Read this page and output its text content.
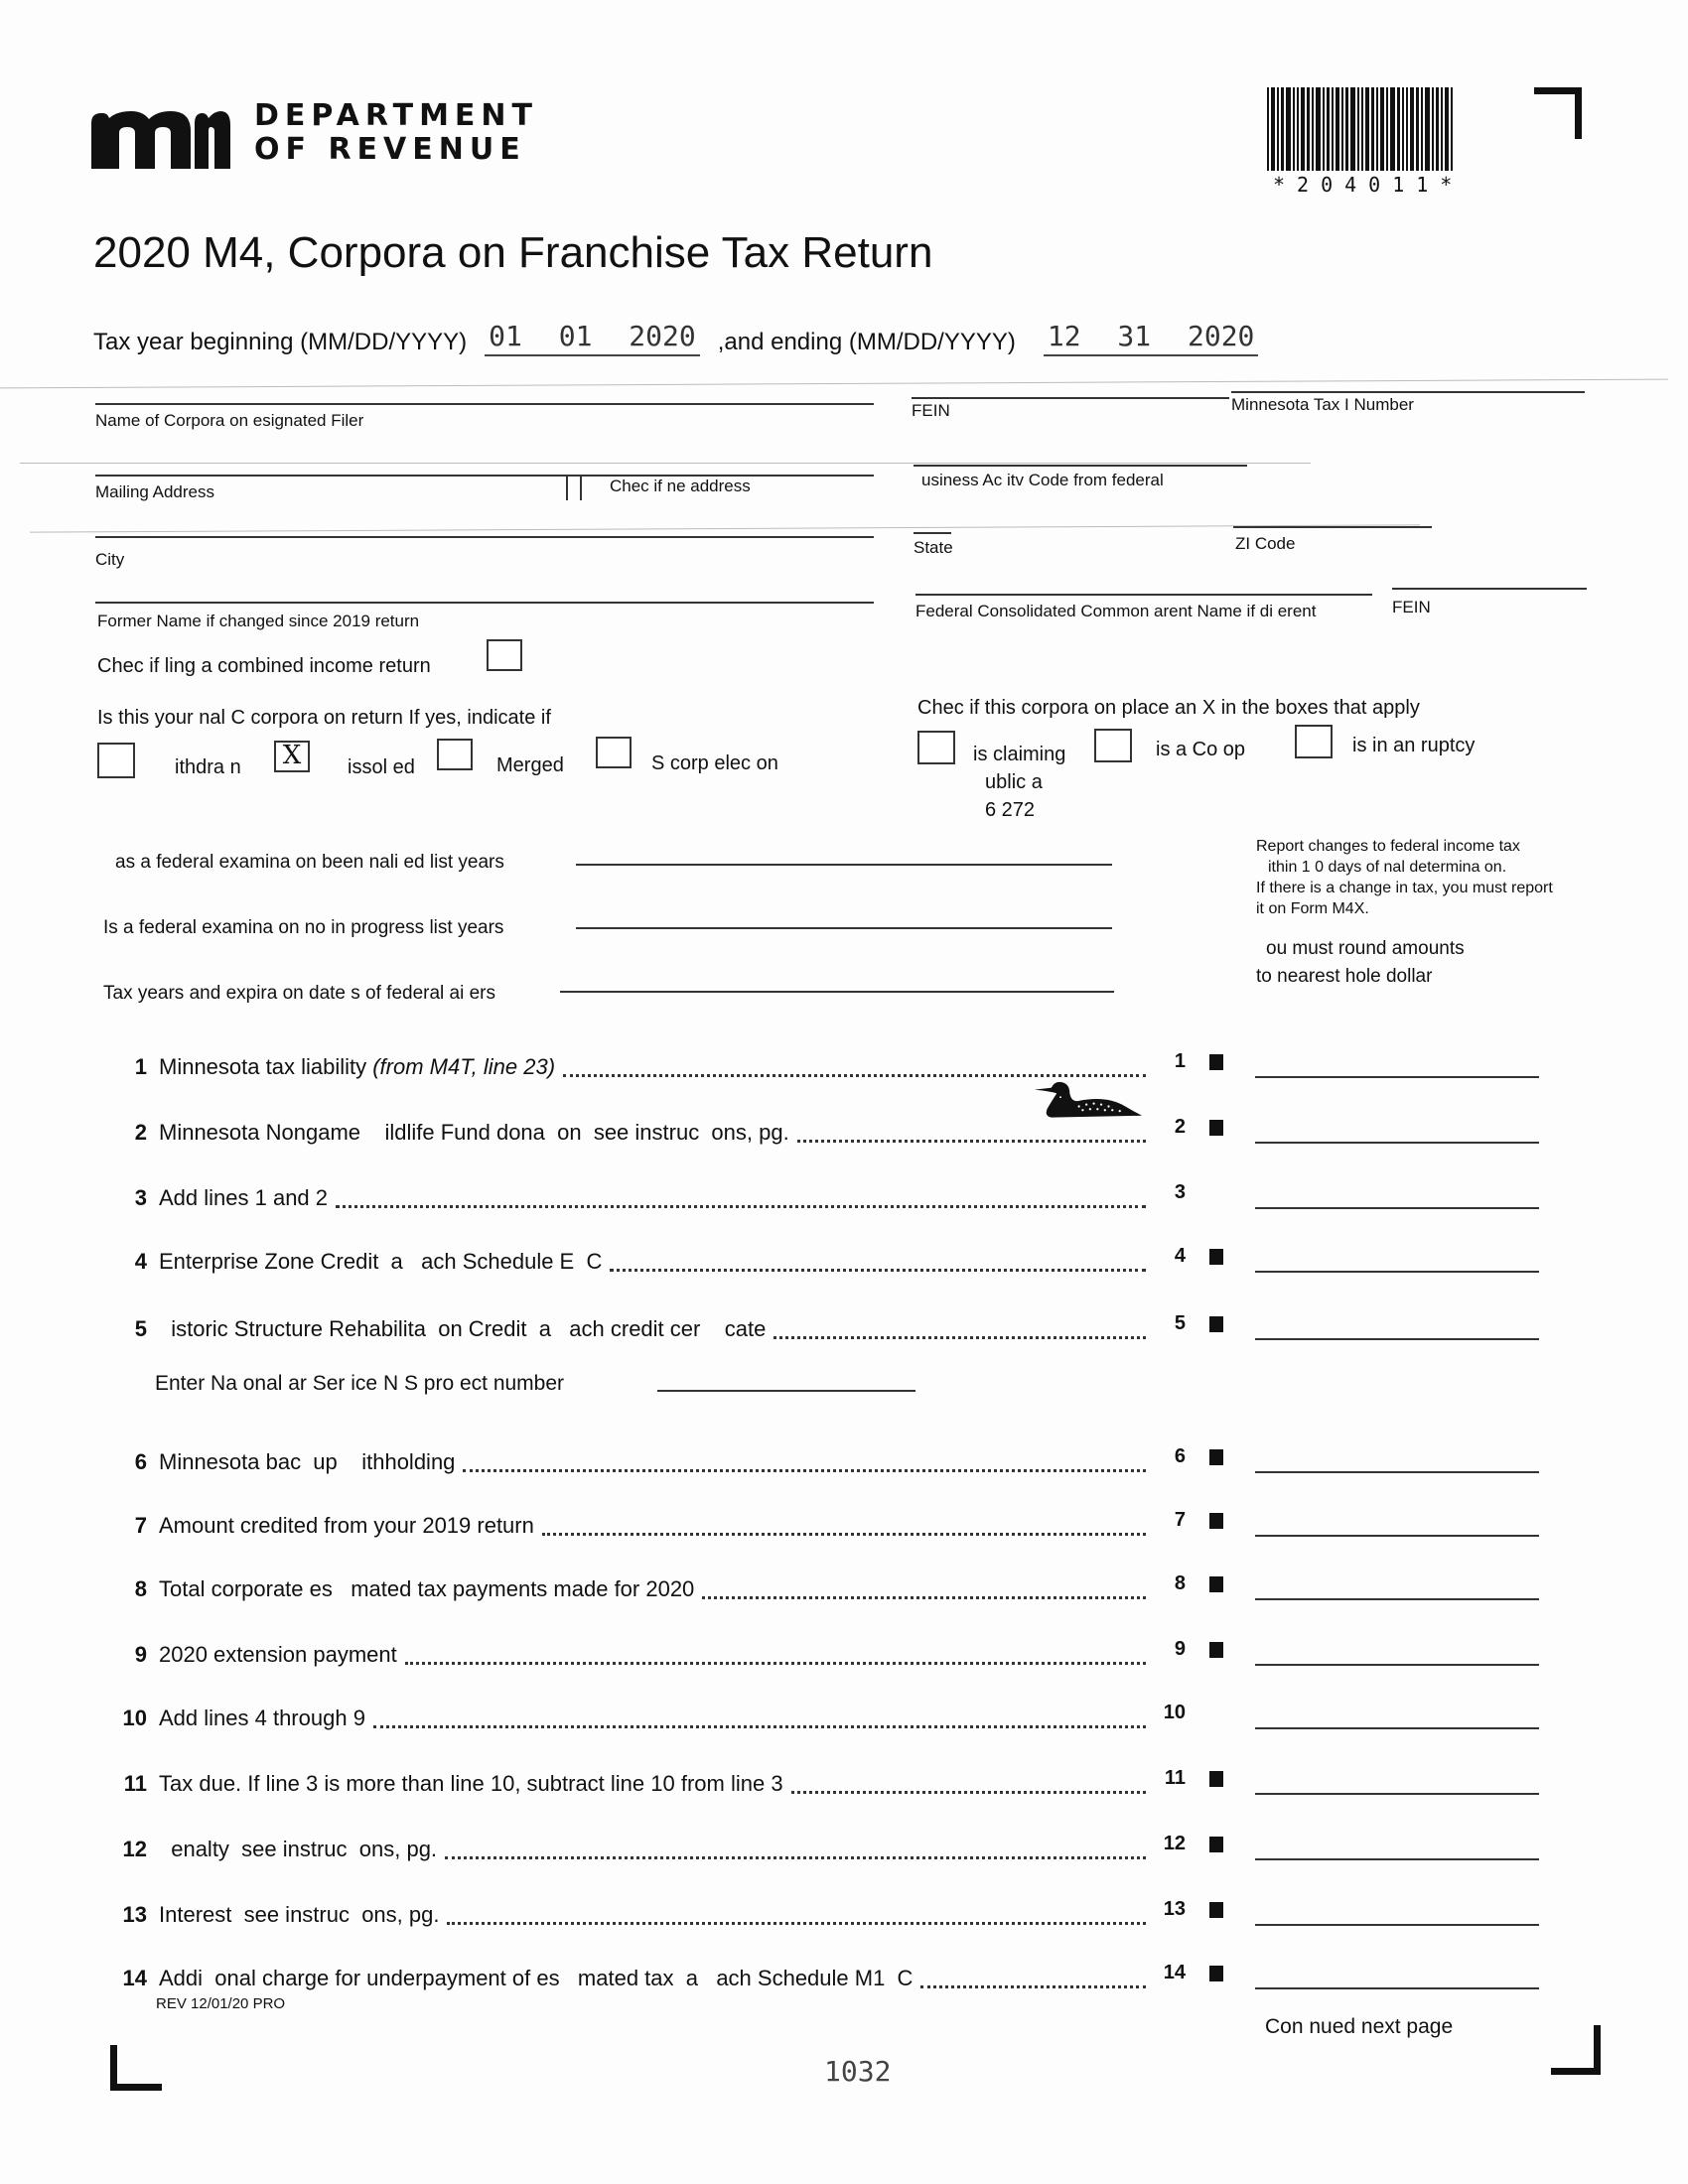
DEPARTMENT
OF REVENUE
*204011*
2020 M4, Corpora on Franchise Tax Return
Tax year beginning (MM/DD/YYYY) 01 01 2020 ,and ending (MM/DD/YYYY) 12 31 2020
Name of Corpora on esignated Filer
FEIN	Minnesota Tax I Number
Mailing Address	Chec if ne address	usiness Ac itv Code from federal
City
State	ZI Code
Former Name if changed since 2019 return
Federal Consolidated Common arent Name if di erent	FEIN
Chec if ling a combined income return
Is this your nal C corpora on return If yes, indicate if
ithdra n	X	issol ed	Merged	S corp elec on
Chec if this corpora on place an X in the boxes that apply
is claiming
ublic a
6 272
is a Co op	is in an ruptcy
as a federal examina on been nali ed list years
Is a federal examina on no in progress list years
Tax years and expira on date s of federal ai ers
Report changes to federal income tax
ithin 1 0 days of nal determina on.
If there is a change in tax, you must report
it on Form M4X.
ou must round amounts
to nearest hole dollar
1 Minnesota tax liability (from M4T, line 23)	1
2 Minnesota Nongame    ildlife Fund dona  on  see instruc  ons, pg.	2
3 Add lines 1 and 2	3
4 Enterprise Zone Credit  a   ach Schedule E  C	4
5 istoric Structure Rehabilita  on Credit  a   ach credit cer    cate	5
6 Minnesota bac  up    ithholding	6
7 Amount credited from your 2019 return	7
8 Total corporate es   mated tax payments made for 2020	8
9 2020 extension payment	9
10 Add lines 4 through 9	10
11 Tax due. If line 3 is more than line 10, subtract line 10 from line 3	11
12 enalty  see instruc  ons, pg.	12
13 Interest  see instruc  ons, pg.	13
14 Addi  onal charge for underpayment of es   mated tax  a   ach Schedule M1  C	14
Enter Na onal ar Ser ice N S pro ect number
REV 12/01/20 PRO
Con nued next page
1032
